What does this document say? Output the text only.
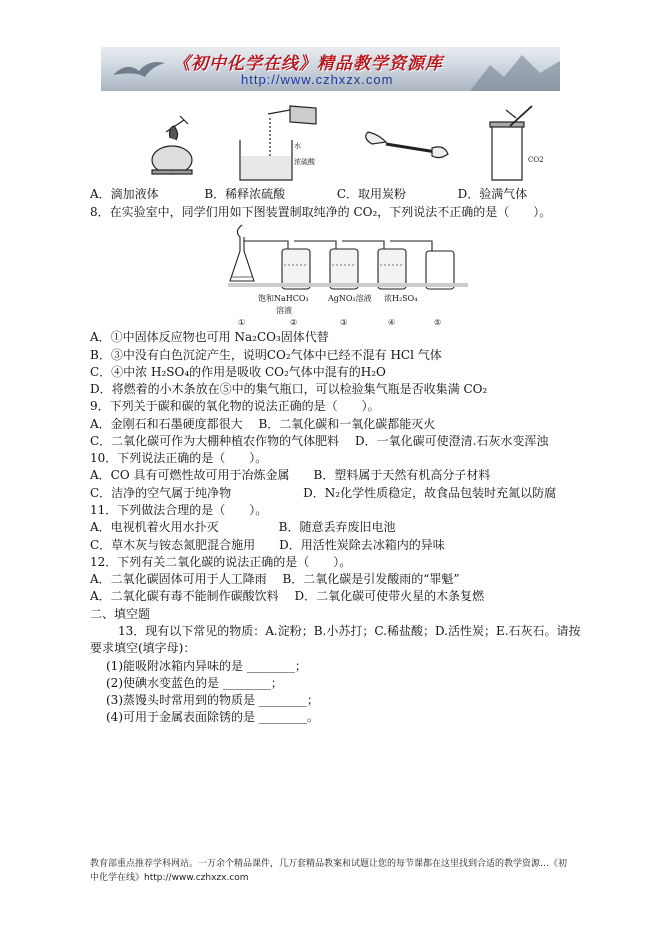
《初中化学在线》精品教学资源库
http://www.czhxzx.com
水
浓硫酸	CO2
A．滴加液体	B．稀释浓硫酸	C．取用炭粉	D．验满气体
8．在实验室中，同学们用如下图装置制取纯净的 CO₂，下列说法不正确的是（　　）。
饱和NaHCO₃
溶液
AgNO₃溶液 浓H₂SO₄
①	②	③	④	⑤
A．①中固体反应物也可用 Na₂CO₃固体代替
B．③中没有白色沉淀产生，说明CO₂气体中已经不混有 HCl 气体
C．④中浓 H₂SO₄的作用是吸收 CO₂气体中混有的H₂O
D．将燃着的小木条放在⑤中的集气瓶口，可以检验集气瓶是否收集满 CO₂
9．下列关于碳和碳的氧化物的说法正确的是（　　）。
A．金刚石和石墨硬度都很大　 B．二氧化碳和一氧化碳都能灭火
C．二氧化碳可作为大棚种植农作物的气体肥料　 D．一氧化碳可使澄清.石灰水变浑浊
10．下列说法正确的是（　　）。
A．CO 具有可燃性故可用于冶炼金属　　B．塑料属于天然有机高分子材料
C．洁净的空气属于纯净物　　　　　　D．N₂化学性质稳定，故食品包装时充氮以防腐
11．下列做法合理的是（　　）。
A．电视机着火用水扑灭　　　　　B．随意丢弃废旧电池
C．草木灰与铵态氮肥混合施用　　D．用活性炭除去冰箱内的异味
12．下列有关二氧化碳的说法正确的是（　　）。
A．二氧化碳固体可用于人工降雨　 B．二氧化碳是引发酸雨的“罪魁”
A．二氧化碳有毒不能制作碳酸饮料　 D．二氧化碳可使带火星的木条复燃
二、填空题
13．现有以下常见的物质：A.淀粉；B.小苏打；C.稀盐酸；D.活性炭；E.石灰石。请按
要求填空(填字母)：
(1)能吸附冰箱内异味的是 ________；
(2)使碘水变蓝色的是 ________；
(3)蒸馒头时常用到的物质是 ________；
(4)可用于金属表面除锈的是 ________。
教育部重点推荐学科网站。一万余个精品课件，几万套精品教案和试题让您的每节课都在这里找到合适的教学资源…《初
中化学在线》http://www.czhxzx.com
